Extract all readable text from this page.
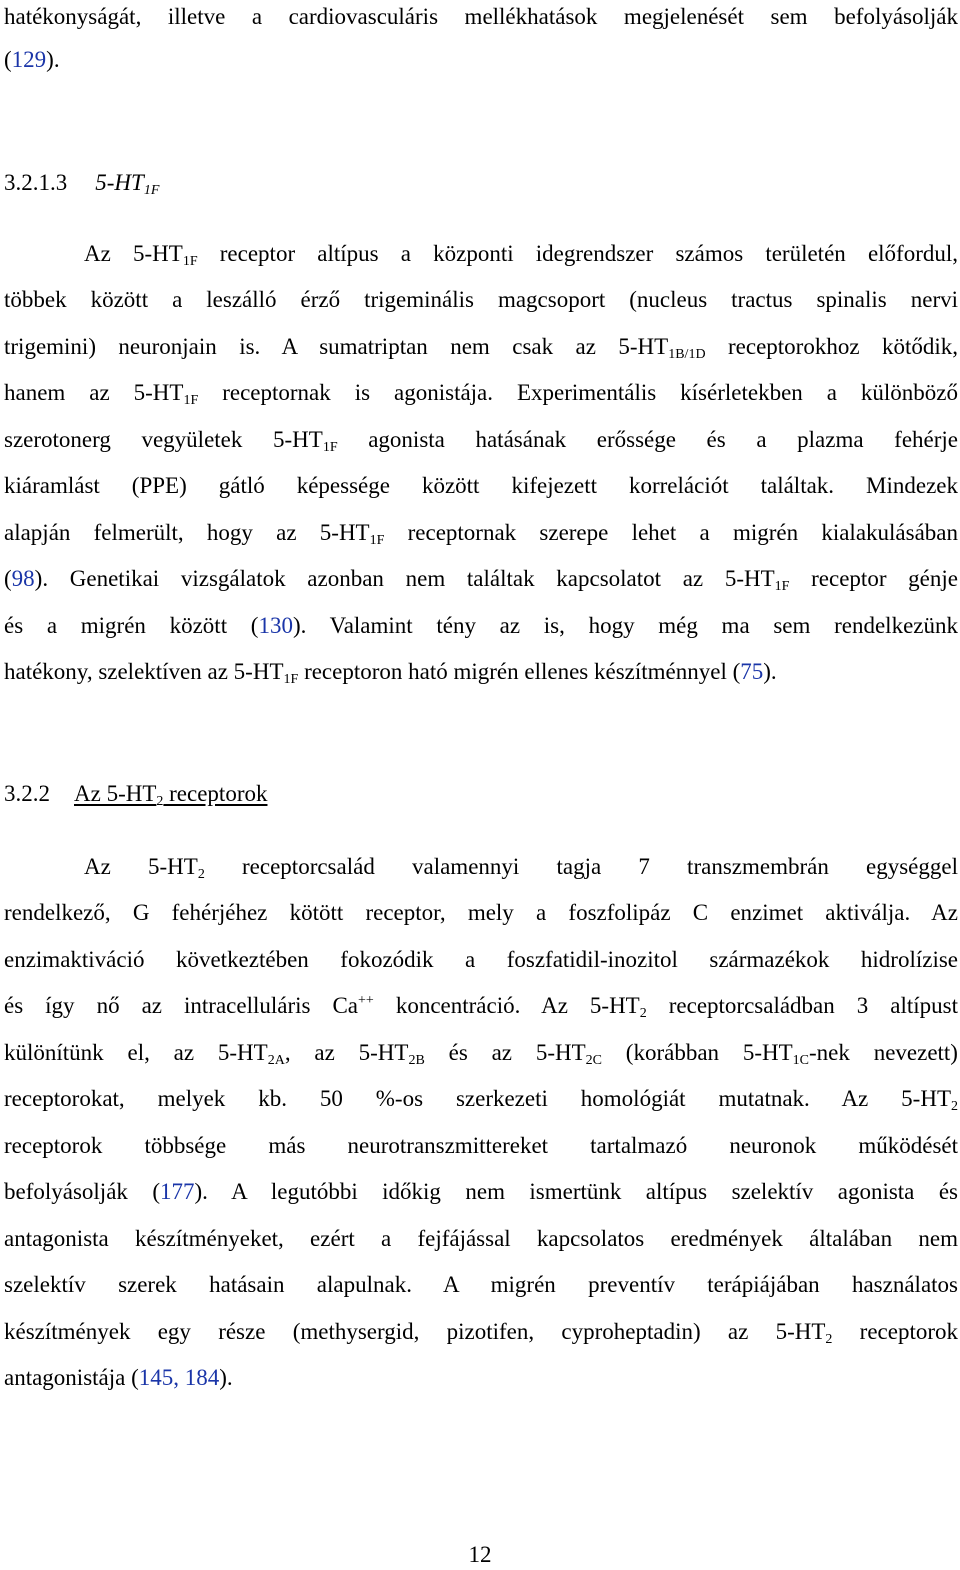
hatékonyságát, illetve a cardiovasculáris mellékhatások megjelenését sem befolyásolják
(129).
3.2.1.3 $5-HT_{1F}$
Az $5-HT_{1F}$ receptor altípus a központi idegrendszer számos területén előfordul,
többek között a leszálló érző trigeminális magcsoport (nucleus tractus spinalis nervi
trigemini) neuronjain is. A sumatriptan nem csak az $5-HT_{1B/1D}$ receptorokhoz kötődik,
hanem az $5-HT_{1F}$ receptornak is agonistája. Experimentális kísérletekben a különböző
szerotonerg vegyületek $5-HT_{1F}$ agonista hatásának erőssége és a plazma fehérje
kiáramlást (PPE) gátló képessége között kifejezett korrelációt találtak. Mindezek
alapján felmerült, hogy az $5-HT_{1F}$ receptornak szerepe lehet a migrén kialakulásában
(98). Genetikai vizsgálatok azonban nem találtak kapcsolatot az $5-HT_{1F}$ receptor génje
és a migrén között (130). Valamint tény az is, hogy még ma sem rendelkezünk
hatékony, szelektíven az $5-HT_{1F}$ receptoron ható migrén ellenes készítménnyel (75).
3.2.2 Az $5-HT_2$ receptorok
Az $5-HT_2$ receptorcsalád valamennyi tagja 7 transzmembrán egységgel
rendelkező, G fehérjéhez kötött receptor, mely a foszfolipáz C enzimet aktiválja. Az
enzimaktiváció következtében fokozódik a foszfatidil-inozitol származékok hidrolízise
és így nő az intracelluláris Ca++ koncentráció. Az $5-HT_2$ receptorcsaládban 3 altípust
különítünk el, az $5-HT_{2A}$, az $5-HT_{2B}$ és az $5-HT_{2C}$ (korábban $5-HT_{1C}$-nek nevezett)
receptorokat, melyek kb. 50 %-os szerkezeti homológiát mutatnak. Az $5-HT_2$
receptorok többsége más neurotranszmittereket tartalmazó neuronok működését
befolyásolják (177). A legutóbbi időkig nem ismertünk altípus szelektív agonista és
antagonista készítményeket, ezért a fejfájással kapcsolatos eredmények általában nem
szelektív szerek hatásain alapulnak. A migrén preventív terápiájában használatos
készítmények egy része (methysergid, pizotifen, cyproheptadin) az $5-HT_2$ receptorok
antagonistája (145, 184).
12
